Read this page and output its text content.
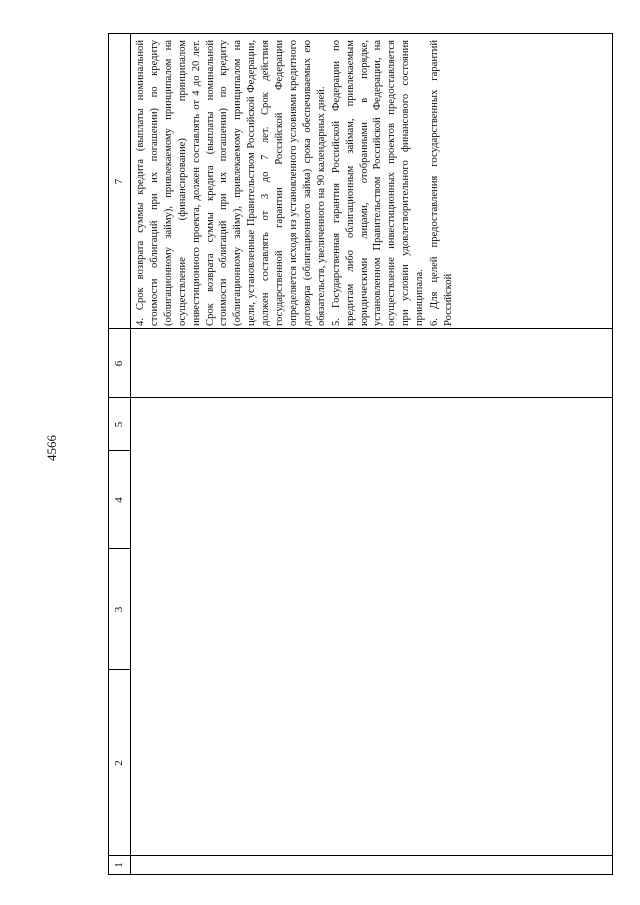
4566
1
2
3
4
5
6
7 4. Срок возврата суммы кредита (выплаты номинальной стоимости облигаций при их погашении) по кредиту (облигационному займу), привлекаемому принципалом на осуществление (финансирование) принципалом инвестиционного проекта, должен составлять от 4 до 20 лет. Срок возврата суммы кредита (выплаты номинальной стоимости облигаций при их погашении) по кредиту (облигационному займу), привлекаемому принципалом на цели, установленные Правительством Российской Федерации, должен составлять от 3 до 7 лет. Срок действия государственной гарантии Российской Федерации определяется исходя из установленного условиями кредитного договора (облигационного займа) срока обеспечиваемых ею обязательств, увеличенного на 90 календарных дней. 5. Государственная гарантия Российской Федерации по кредитам либо облигационным займам, привлекаемым юридическими лицами, отобранными в порядке, установленном Правительством Российской Федерации, на осуществление инвестиционных проектов предоставляется при условии удовлетворительного финансового состояния принципала. 6. Для целей предоставления государственных гарантий Российской
